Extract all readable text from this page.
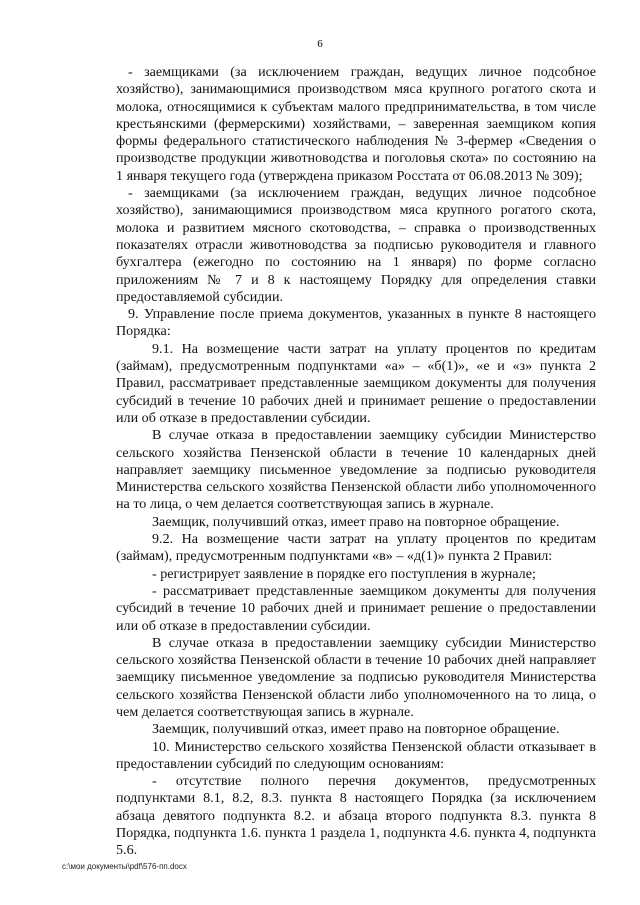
6

- заемщиками (за исключением граждан, ведущих личное подсобное хозяйство), занимающимися производством мяса крупного рогатого скота и молока, относящимися к субъектам малого предпринимательства, в том числе крестьянскими (фермерскими) хозяйствами, – заверенная заемщиком копия формы федерального статистического наблюдения № 3-фермер «Сведения о производстве продукции животноводства и поголовья скота» по состоянию на 1 января текущего года (утверждена приказом Росстата от 06.08.2013 № 309);

- заемщиками (за исключением граждан, ведущих личное подсобное хозяйство), занимающимися производством мяса крупного рогатого скота, молока и развитием мясного скотоводства, – справка о производственных показателях отрасли животноводства за подписью руководителя и главного бухгалтера (ежегодно по состоянию на 1 января) по форме согласно приложениям № 7 и 8 к настоящему Порядку для определения ставки предоставляемой субсидии.

9. Управление после приема документов, указанных в пункте 8 настоящего Порядка:

9.1. На возмещение части затрат на уплату процентов по кредитам (займам), предусмотренным подпунктами «а» – «б(1)», «е и «з» пункта 2 Правил, рассматривает представленные заемщиком документы для получения субсидий в течение 10 рабочих дней и принимает решение о предоставлении или об отказе в предоставлении субсидии.

В случае отказа в предоставлении заемщику субсидии Министерство сельского хозяйства Пензенской области в течение 10 календарных дней направляет заемщику письменное уведомление за подписью руководителя Министерства сельского хозяйства Пензенской области либо уполномоченного на то лица, о чем делается соответствующая запись в журнале.

Заемщик, получивший отказ, имеет право на повторное обращение.

9.2. На возмещение части затрат на уплату процентов по кредитам (займам), предусмотренным подпунктами «в» – «д(1)» пункта 2 Правил:

- регистрирует заявление в порядке его поступления в журнале;

- рассматривает представленные заемщиком документы для получения субсидий в течение 10 рабочих дней и принимает решение о предоставлении или об отказе в предоставлении субсидии.

В случае отказа в предоставлении заемщику субсидии Министерство сельского хозяйства Пензенской области в течение 10 рабочих дней направляет заемщику письменное уведомление за подписью руководителя Министерства сельского хозяйства Пензенской области либо уполномоченного на то лица, о чем делается соответствующая запись в журнале.

Заемщик, получивший отказ, имеет право на повторное обращение.

10. Министерство сельского хозяйства Пензенской области отказывает в предоставлении субсидий по следующим основаниям:

- отсутствие полного перечня документов, предусмотренных подпунктами 8.1, 8.2, 8.3. пункта 8 настоящего Порядка (за исключением абзаца девятого подпункта 8.2. и абзаца второго подпункта 8.3. пункта 8 Порядка, подпункта 1.6. пункта 1 раздела 1, подпункта 4.6. пункта 4, подпункта 5.6.

c:\мои документы\pdf\576-пп.docx
